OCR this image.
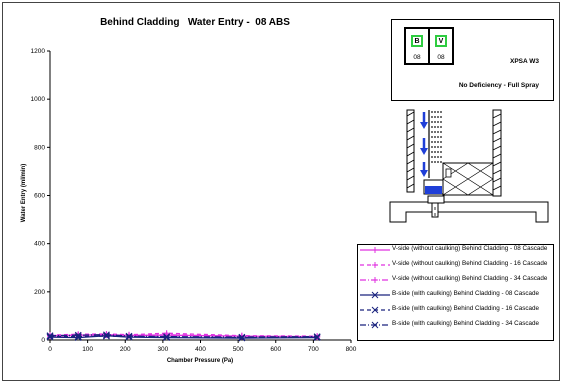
Behind Cladding   Water Entry -  08 ABS
Water Entry (ml/min)
Chamber Pressure (Pa)
0
200
400
600
800
1000
1200
0	100	200	300	400	500	600	700	800
V-side (without caulking) Behind Cladding - 08 Cascade
V-side (without caulking) Behind Cladding - 16 Cascade
V-side (without caulking) Behind Cladding - 34 Cascade
B-side (with caulking) Behind Cladding - 08 Cascade
B-side (with caulking) Behind Cladding - 16 Cascade
B-side (with caulking) Behind Cladding - 34 Cascade
B
08
V
08
XPSA W3
No Deficiency - Full Spray
